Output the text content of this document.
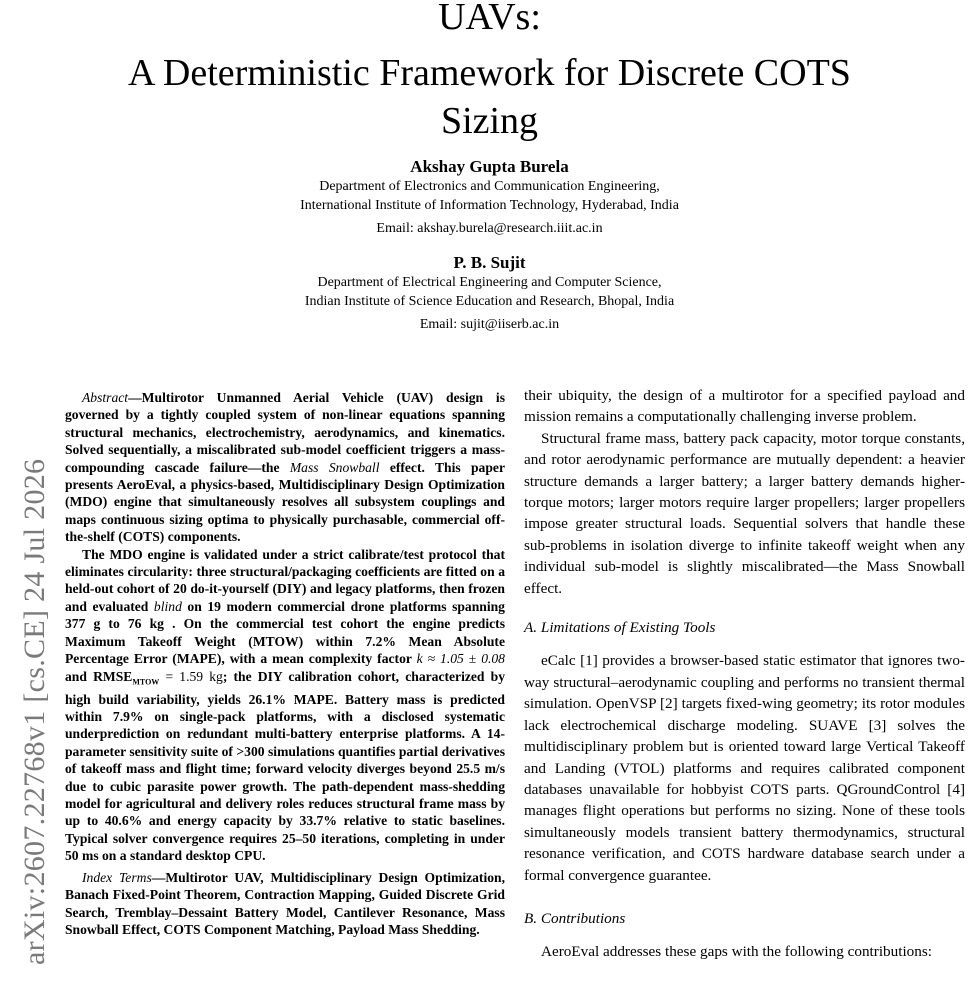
UAVs:
A Deterministic Framework for Discrete COTS
Sizing
Akshay Gupta Burela
Department of Electronics and Communication Engineering,
International Institute of Information Technology, Hyderabad, India
Email: akshay.burela@research.iiit.ac.in
P. B. Sujit
Department of Electrical Engineering and Computer Science,
Indian Institute of Science Education and Research, Bhopal, India
Email: sujit@iiserb.ac.in
arXiv:2607.22768v1 [cs.CE] 24 Jul 2026

Abstract—Multirotor Unmanned Aerial Vehicle (UAV) design is governed by a tightly coupled system of non-linear equations spanning structural mechanics, electrochemistry, aerodynamics, and kinematics. Solved sequentially, a miscalibrated sub-model coefficient triggers a mass-compounding cascade failure—the Mass Snowball effect. This paper presents AeroEval, a physics-based, Multidisciplinary Design Optimization (MDO) engine that simultaneously resolves all subsystem couplings and maps continuous sizing optima to physically purchasable, commercial off-the-shelf (COTS) components.

The MDO engine is validated under a strict calibrate/test protocol that eliminates circularity: three structural/packaging coefficients are fitted on a held-out cohort of 20 do-it-yourself (DIY) and legacy platforms, then frozen and evaluated blind on 19 modern commercial drone platforms spanning 377 g to 76 kg . On the commercial test cohort the engine predicts Maximum Takeoff Weight (MTOW) within 7.2% Mean Absolute Percentage Error (MAPE), with a mean complexity factor k ≈ 1.05 ± 0.08 and $RMSE_{MTOW} = 1.59$ kg; the DIY calibration cohort, characterized by high build variability, yields 26.1% MAPE. Battery mass is predicted within 7.9% on single-pack platforms, with a disclosed systematic underprediction on redundant multi-battery enterprise platforms. A 14-parameter sensitivity suite of >300 simulations quantifies partial derivatives of takeoff mass and flight time; forward velocity diverges beyond 25.5 m/s due to cubic parasite power growth. The path-dependent mass-shedding model for agricultural and delivery roles reduces structural frame mass by up to 40.6% and energy capacity by 33.7% relative to static baselines. Typical solver convergence requires 25–50 iterations, completing in under 50 ms on a standard desktop CPU.

Index Terms—Multirotor UAV, Multidisciplinary Design Optimization, Banach Fixed-Point Theorem, Contraction Mapping, Guided Discrete Grid Search, Tremblay–Dessaint Battery Model, Cantilever Resonance, Mass Snowball Effect, COTS Component Matching, Payload Mass Shedding.

their ubiquity, the design of a multirotor for a specified payload and mission remains a computationally challenging inverse problem.

Structural frame mass, battery pack capacity, motor torque constants, and rotor aerodynamic performance are mutually dependent: a heavier structure demands a larger battery; a larger battery demands higher-torque motors; larger motors require larger propellers; larger propellers impose greater structural loads. Sequential solvers that handle these sub-problems in isolation diverge to infinite takeoff weight when any individual sub-model is slightly miscalibrated—the Mass Snowball effect.

A. Limitations of Existing Tools

eCalc [1] provides a browser-based static estimator that ignores two-way structural–aerodynamic coupling and performs no transient thermal simulation. OpenVSP [2] targets fixed-wing geometry; its rotor modules lack electrochemical discharge modeling. SUAVE [3] solves the multidisciplinary problem but is oriented toward large Vertical Takeoff and Landing (VTOL) platforms and requires calibrated component databases unavailable for hobbyist COTS parts. QGroundControl [4] manages flight operations but performs no sizing. None of these tools simultaneously models transient battery thermodynamics, structural resonance verification, and COTS hardware database search under a formal convergence guarantee.

B. Contributions

AeroEval addresses these gaps with the following contributions:
